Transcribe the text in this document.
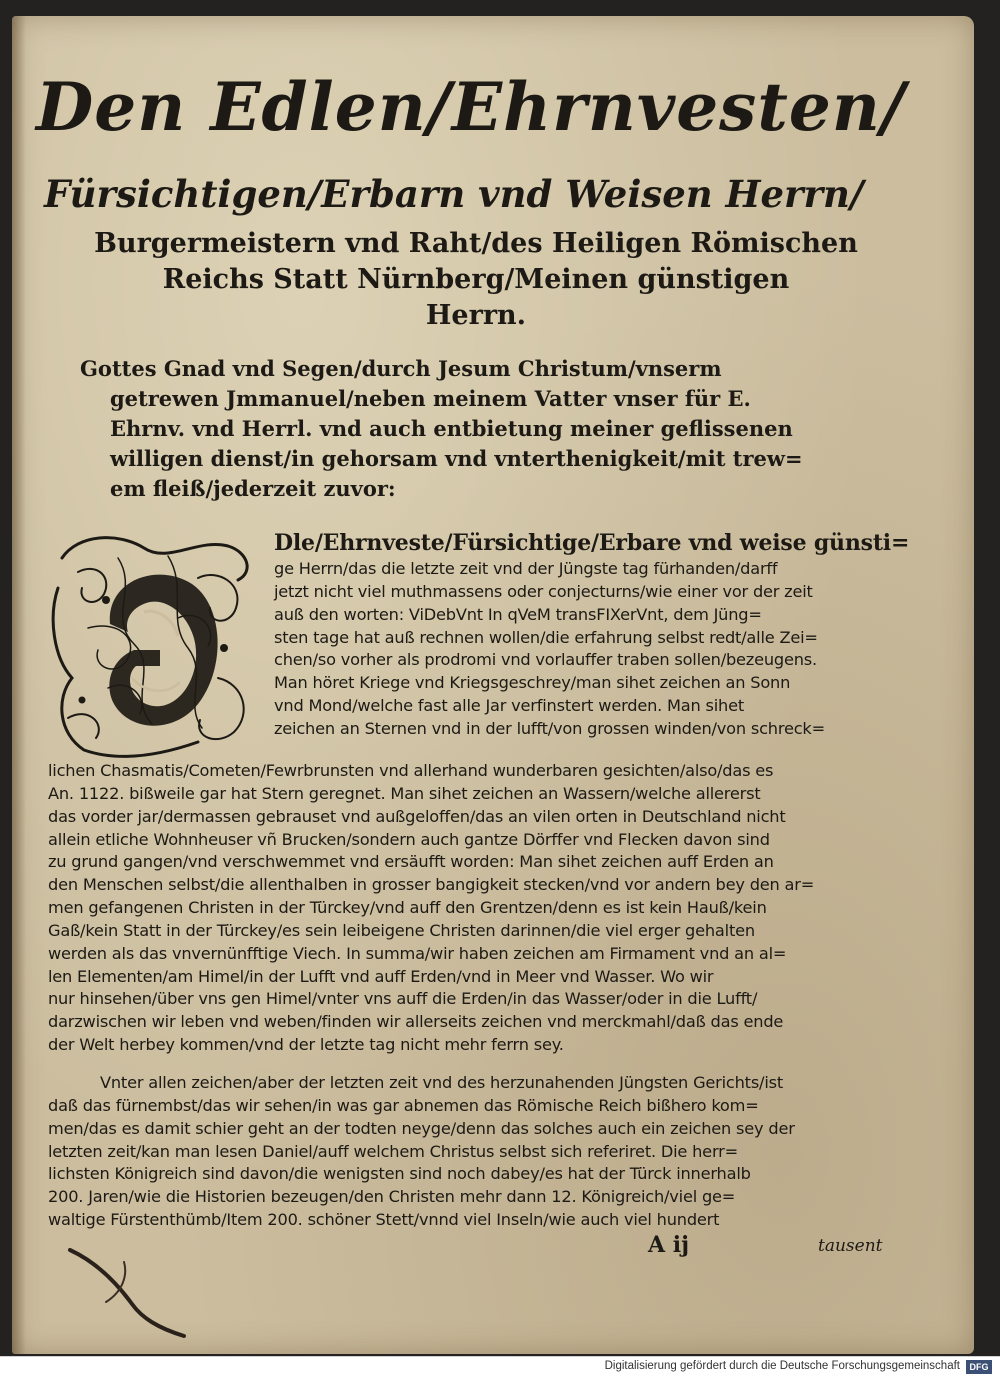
Den Edlen/Ehrnvesten/
Fürsichtigen/Erbarn vnd Weisen Herrn/
Burgermeistern vnd Raht/des Heiligen Römischen
Reichs Statt Nürnberg/Meinen günstigen
Herrn.
Gottes Gnad vnd Segen/durch Jesum Christum/vnserm
getrewen Jmmanuel/neben meinem Vatter vnser für E.
Ehrnv. vnd Herrl. vnd auch entbietung meiner geflissenen
willigen dienst/in gehorsam vnd vnterthenigkeit/mit trew=
em fleiß/jederzeit zuvor:
Dle/Ehrnveste/Fürsichtige/Erbare vnd weise günsti=
ge Herrn/das die letzte zeit vnd der Jüngste tag fürhanden/darff
jetzt nicht viel muthmassens oder conjecturns/wie einer vor der zeit
auß den worten: ViDebVnt In qVeM transFIXerVnt, dem Jüng=
sten tage hat auß rechnen wollen/die erfahrung selbst redt/alle Zei=
chen/so vorher als prodromi vnd vorlauffer traben sollen/bezeugens.
Man höret Kriege vnd Kriegsgeschrey/man sihet zeichen an Sonn
vnd Mond/welche fast alle Jar verfinstert werden. Man sihet
zeichen an Sternen vnd in der lufft/von grossen winden/von schreck=
lichen Chasmatis/Cometen/Fewrbrunsten vnd allerhand wunderbaren gesichten/also/das es
An. 1122. bißweile gar hat Stern geregnet. Man sihet zeichen an Wassern/welche allererst
das vorder jar/dermassen gebrauset vnd außgeloffen/das an vilen orten in Deutschland nicht
allein etliche Wohnheuser vñ Brucken/sondern auch gantze Dörffer vnd Flecken davon sind
zu grund gangen/vnd verschwemmet vnd ersäufft worden: Man sihet zeichen auff Erden an
den Menschen selbst/die allenthalben in grosser bangigkeit stecken/vnd vor andern bey den ar=
men gefangenen Christen in der Türckey/vnd auff den Grentzen/denn es ist kein Hauß/kein
Gaß/kein Statt in der Türckey/es sein leibeigene Christen darinnen/die viel erger gehalten
werden als das vnvernünfftige Viech. In summa/wir haben zeichen am Firmament vnd an al=
len Elementen/am Himel/in der Lufft vnd auff Erden/vnd in Meer vnd Wasser. Wo wir
nur hinsehen/über vns gen Himel/vnter vns auff die Erden/in das Wasser/oder in die Lufft/
darzwischen wir leben vnd weben/finden wir allerseits zeichen vnd merckmahl/daß das ende
der Welt herbey kommen/vnd der letzte tag nicht mehr ferrn sey.
Vnter allen zeichen/aber der letzten zeit vnd des herzunahenden Jüngsten Gerichts/ist
daß das fürnembst/das wir sehen/in was gar abnemen das Römische Reich bißhero kom=
men/das es damit schier geht an der todten neyge/denn das solches auch ein zeichen sey der
letzten zeit/kan man lesen Daniel/auff welchem Christus selbst sich referiret. Die herr=
lichsten Königreich sind davon/die wenigsten sind noch dabey/es hat der Türck innerhalb
200. Jaren/wie die Historien bezeugen/den Christen mehr dann 12. Königreich/viel ge=
waltige Fürstenthümb/Item 200. schöner Stett/vnnd viel Inseln/wie auch viel hundert
A ij	tausent
Digitalisierung gefördert durch die Deutsche Forschungsgemeinschaft	DFG
